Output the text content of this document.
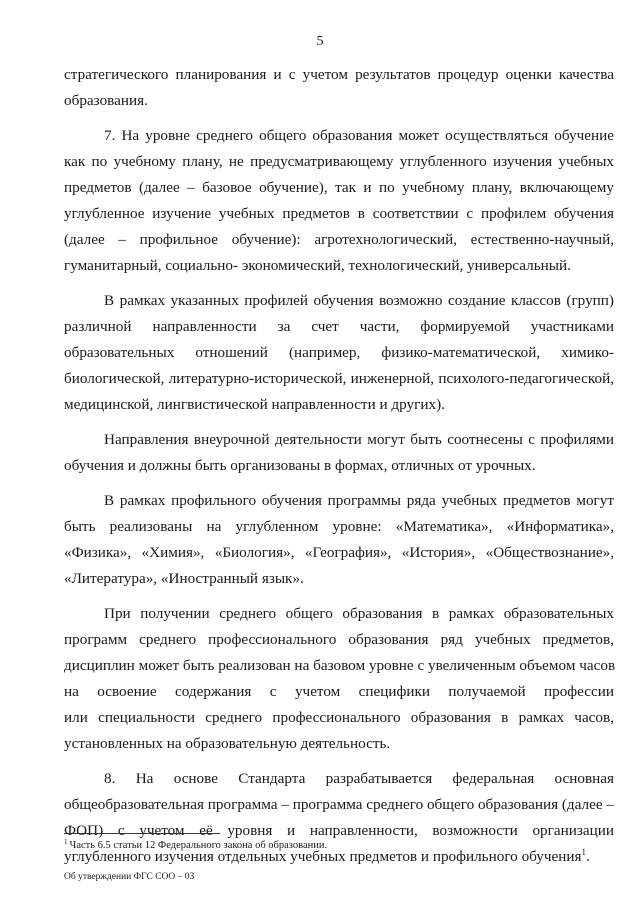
5
стратегического планирования и с учетом результатов процедур оценки качества
образования.
7. На уровне среднего общего образования может осуществляться обучение
как по учебному плану, не предусматривающему углубленного изучения учебных
предметов (далее – базовое обучение), так и по учебному плану, включающему
углубленное изучение учебных предметов в соответствии с профилем обучения
(далее – профильное обучение): агротехнологический, естественно-научный,
гуманитарный, социально- экономический, технологический, универсальный.
В рамках указанных профилей обучения возможно создание классов (групп)
различной направленности за счет части, формируемой участниками
образовательных отношений (например, физико-математической, химико-
биологической, литературно-исторической, инженерной, психолого-педагогической,
медицинской, лингвистической направленности и других).
Направления внеурочной деятельности могут быть соотнесены с профилями
обучения и должны быть организованы в формах, отличных от урочных.
В рамках профильного обучения программы ряда учебных предметов могут
быть реализованы на углубленном уровне: «Математика», «Информатика»,
«Физика», «Химия», «Биология», «География», «История», «Обществознание»,
«Литература», «Иностранный язык».
При получении среднего общего образования в рамках образовательных
программ среднего профессионального образования ряд учебных предметов,
дисциплин может быть реализован на базовом уровне с увеличенным объемом часов
на освоение содержания с учетом специфики получаемой профессии
или специальности среднего профессионального образования в рамках часов,
установленных на образовательную деятельность.
8. На основе Стандарта разрабатывается федеральная основная
общеобразовательная программа – программа среднего общего образования (далее –
ФОП) с учетом её уровня и направленности, возможности организации
углубленного изучения отдельных учебных предметов и профильного обучения$^1$.
$^1$ Часть 6.5 статьи 12 Федерального закона об образовании.
Об утверждении ФГС СОО – 03
